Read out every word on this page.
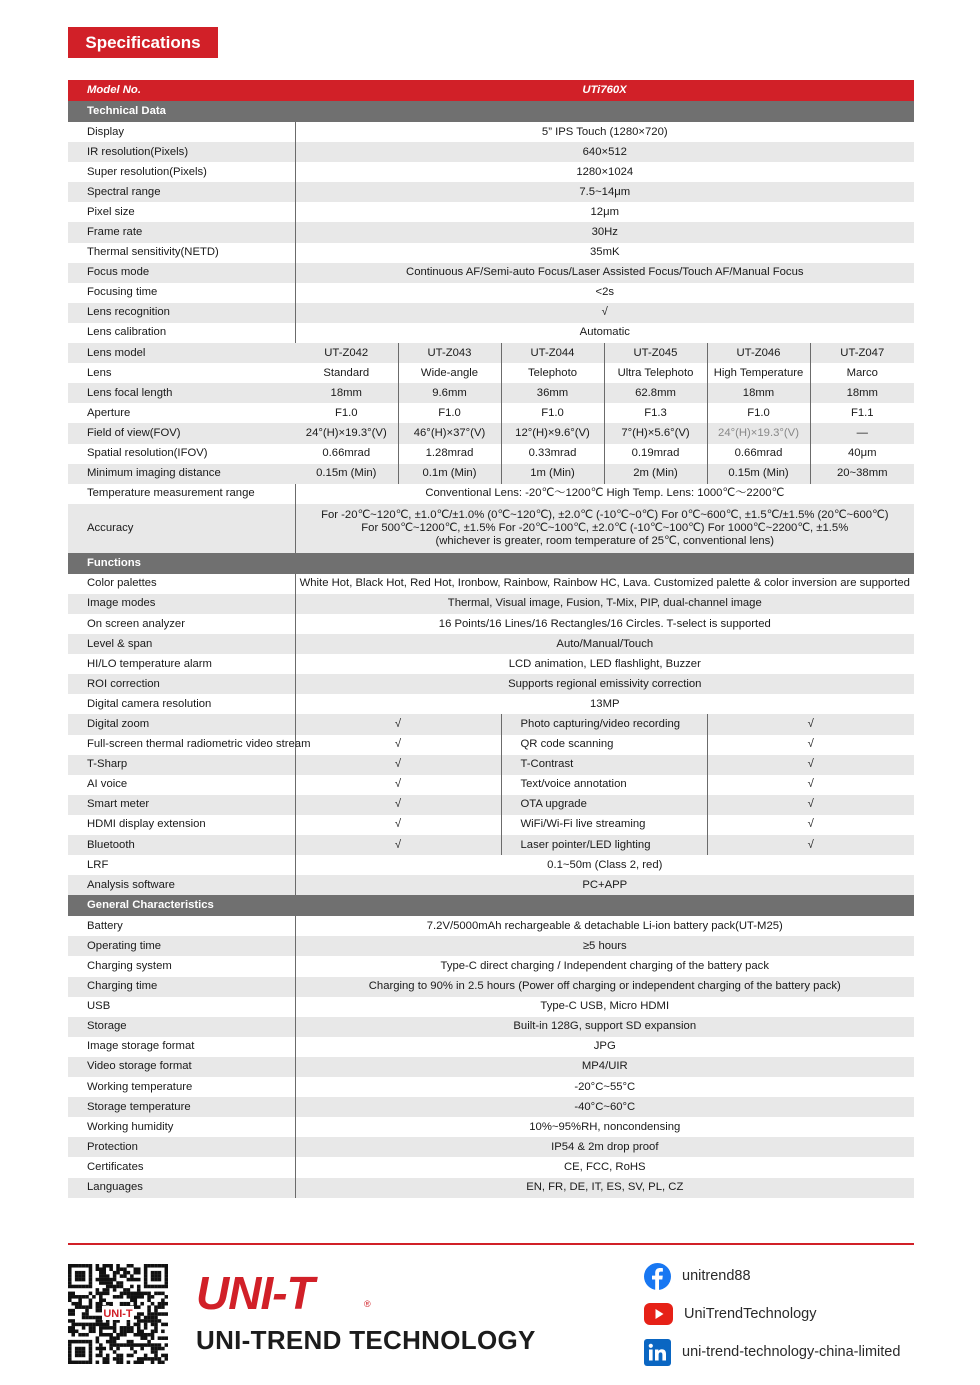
Specifications
Model No.	UTi760X					
Technical Data						
Display	5” IPS Touch (1280×720)					
IR resolution(Pixels)	640×512					
Super resolution(Pixels)	1280×1024					
Spectral range	7.5~14μm					
Pixel size	12μm					
Frame rate	30Hz					
Thermal sensitivity(NETD)	35mK					
Focus mode	Continuous AF/Semi-auto Focus/Laser Assisted Focus/Touch AF/Manual Focus					
Focusing time	<2s					
Lens recognition	√					
Lens calibration	Automatic					
Lens model	UT-Z042	UT-Z043	UT-Z044	UT-Z045	UT-Z046	UT-Z047
Lens	Standard	Wide-angle	Telephoto	Ultra Telephoto	High Temperature	Marco
Lens focal length	18mm	9.6mm	36mm	62.8mm	18mm	18mm
Aperture	F1.0	F1.0	F1.0	F1.3	F1.0	F1.1
Field of view(FOV)	24°(H)×19.3°(V)	46°(H)×37°(V)	12°(H)×9.6°(V)	7°(H)×5.6°(V)	24°(H)×19.3°(V)	—
Spatial resolution(IFOV)	0.66mrad	1.28mrad	0.33mrad	0.19mrad	0.66mrad	40μm
Minimum imaging distance	0.15m (Min)	0.1m (Min)	1m (Min)	2m (Min)	0.15m (Min)	20~38mm
Temperature measurement range	Conventional Lens: -20℃～1200℃ High Temp. Lens: 1000℃～2200℃					
Accuracy	For -20℃~120℃, ±1.0℃/±1.0% (0℃~120℃), ±2.0℃ (-10℃~0℃) For 0℃~600℃, ±1.5℃/±1.5% (20℃~600℃)
For 500℃~1200℃, ±1.5% For -20℃~100℃, ±2.0℃ (-10℃~100℃) For 1000℃~2200℃, ±1.5%
(whichever is greater, room temperature of 25℃, conventional lens)					

Functions						
Color palettes	White Hot, Black Hot, Red Hot, Ironbow, Rainbow, Rainbow HC, Lava. Customized palette & color inversion are supported					
Image modes	Thermal, Visual image, Fusion, T-Mix, PIP, dual-channel image					
On screen analyzer	16 Points/16 Lines/16 Rectangles/16 Circles. T-select is supported					
Level & span	Auto/Manual/Touch					
HI/LO temperature alarm	LCD animation, LED flashlight, Buzzer					
ROI correction	Supports regional emissivity correction					
Digital camera resolution	13MP					
Digital zoom	√		Photo capturing/video recording		√	
Full-screen thermal radiometric video stream	√		QR code scanning		√	
T-Sharp	√		T-Contrast		√	
AI voice	√		Text/voice annotation		√	
Smart meter	√		OTA upgrade		√	
HDMI display extension	√		WiFi/Wi-Fi live streaming		√	
Bluetooth	√		Laser pointer/LED lighting		√	
LRF	0.1~50m (Class 2, red)					
Analysis software	PC+APP					
General Characteristics						
Battery	7.2V/5000mAh rechargeable & detachable Li-ion battery pack(UT-M25)					
Operating time	≥5 hours					
Charging system	Type-C direct charging / Independent charging of the battery pack					
Charging time	Charging to 90% in 2.5 hours (Power off charging or independent charging of the battery pack)					
USB	Type-C USB, Micro HDMI					
Storage	Built-in 128G, support SD expansion					
Image storage format	JPG					
Video storage format	MP4/UIR					
Working temperature	-20°C~55°C					
Storage temperature	-40°C~60°C					
Working humidity	10%~95%RH, noncondensing					
Protection	IP54 & 2m drop proof					
Certificates	CE, FCC, RoHS					
Languages	EN, FR, DE, IT, ES, SV, PL, CZ					
UNI-T UNI-T	®
UNI-TREND TECHNOLOGY
unitrend88
UniTrendTechnology
uni-trend-technology-china-limited
